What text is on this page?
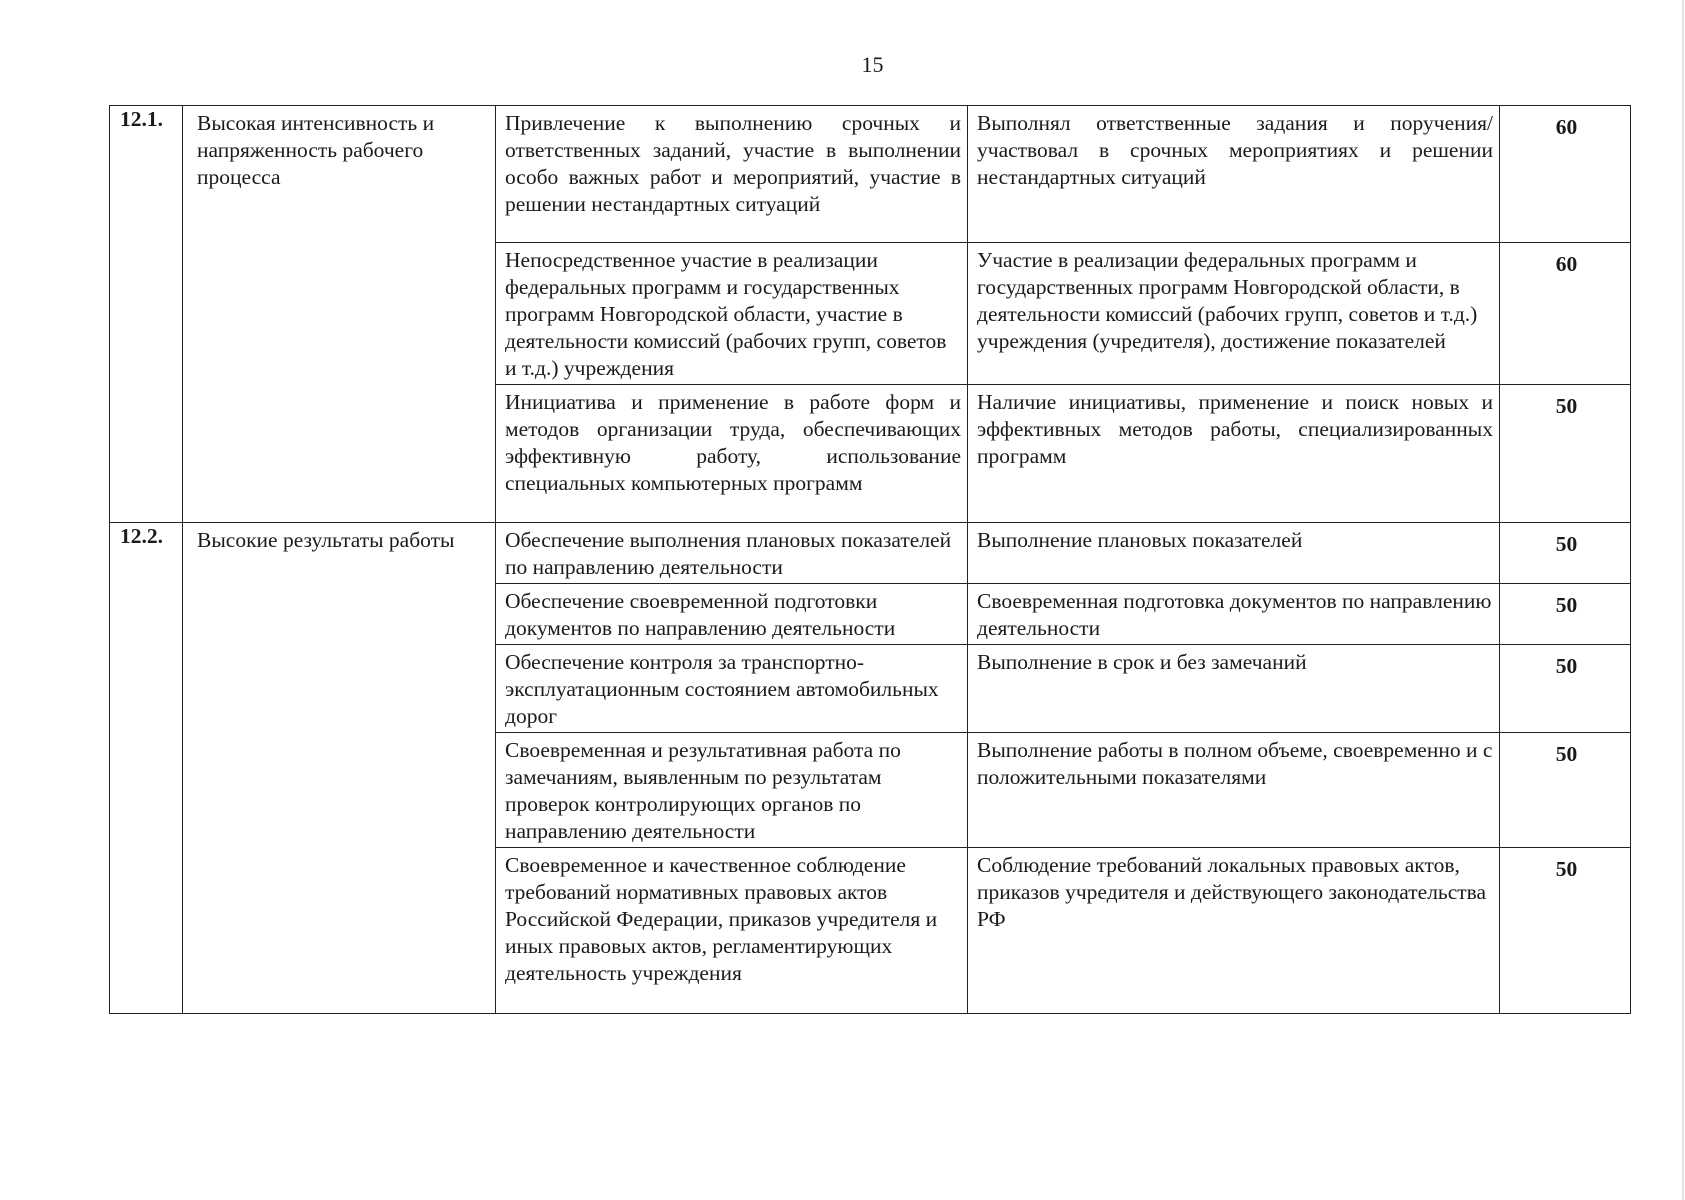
15
12.1.	Высокая интенсивность и напряженность рабочего процесса	Привлечение к выполнению срочных и ответственных заданий, участие в выполнении особо важных работ и мероприятий, участие в решении нестандартных ситуаций	Выполнял ответственные задания и поручения/участвовал в срочных мероприятиях и решении нестандартных ситуаций	60
		Непосредственное участие в реализации федеральных программ и государственных программ Новгородской области, участие в деятельности комиссий (рабочих групп, советов и т.д.) учреждения	Участие в реализации федеральных программ и государственных программ Новгородской области, в деятельности комиссий (рабочих групп, советов и т.д.) учреждения (учредителя), достижение показателей	60
		Инициатива и применение в работе форм и методов организации труда, обеспечивающих эффективную работу, использование специальных компьютерных программ	Наличие инициативы, применение и поиск новых и эффективных методов работы, специализированных программ	50
12.2.	Высокие результаты работы	Обеспечение выполнения плановых показателей по направлению деятельности	Выполнение плановых показателей	50
		Обеспечение своевременной подготовки документов по направлению деятельности	Своевременная подготовка документов по направлению деятельности	50
		Обеспечение контроля за транспортно-эксплуатационным состоянием автомобильных дорог	Выполнение в срок и без замечаний	50
		Своевременная и результативная работа по замечаниям, выявленным по результатам проверок контролирующих органов по направлению деятельности	Выполнение работы в полном объеме, своевременно и с положительными показателями	50
		Своевременное и качественное соблюдение требований нормативных правовых актов Российской Федерации, приказов учредителя и иных правовых актов, регламентирующих деятельность учреждения	Соблюдение требований локальных правовых актов, приказов учредителя и действующего законодательства РФ	50
